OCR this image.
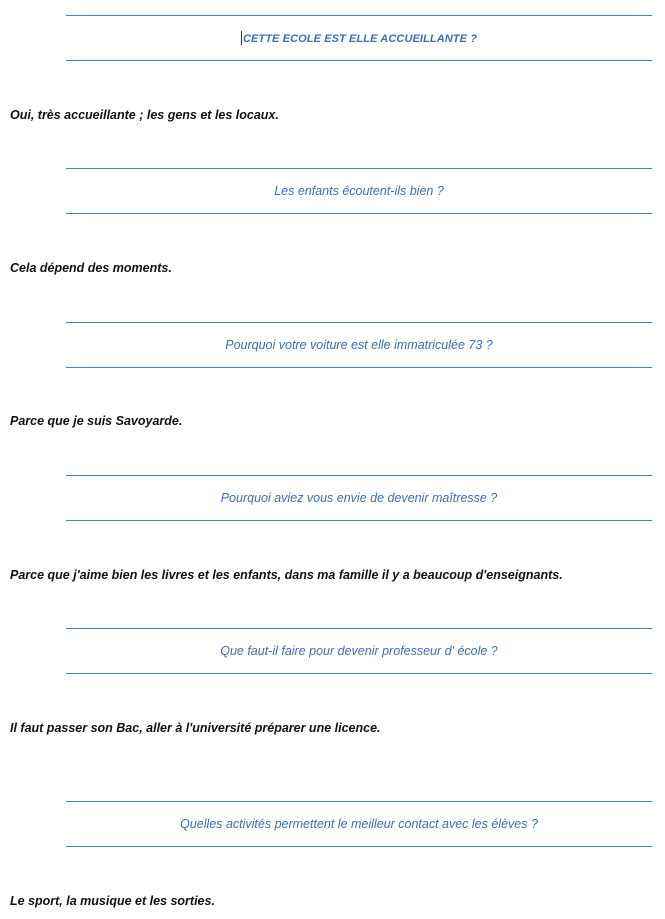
CETTE ECOLE EST ELLE ACCUEILLANTE ?

Oui, très accueillante ; les gens et les locaux.

Les enfants écoutent-ils bien ?

Cela dépend des moments.

Pourquoi votre voiture est elle immatriculée 73 ?

Parce que je suis Savoyarde.

Pourquoi aviez vous envie de devenir maîtresse ?

Parce que j'aime bien les livres et les enfants, dans ma famille il y a beaucoup d'enseignants.

Que faut-il faire pour devenir professeur d' école ?

Il faut passer son Bac, aller à l'université préparer une licence.

Quelles activités permettent le meilleur contact avec les élèves ?

Le sport, la musique et les sorties.
